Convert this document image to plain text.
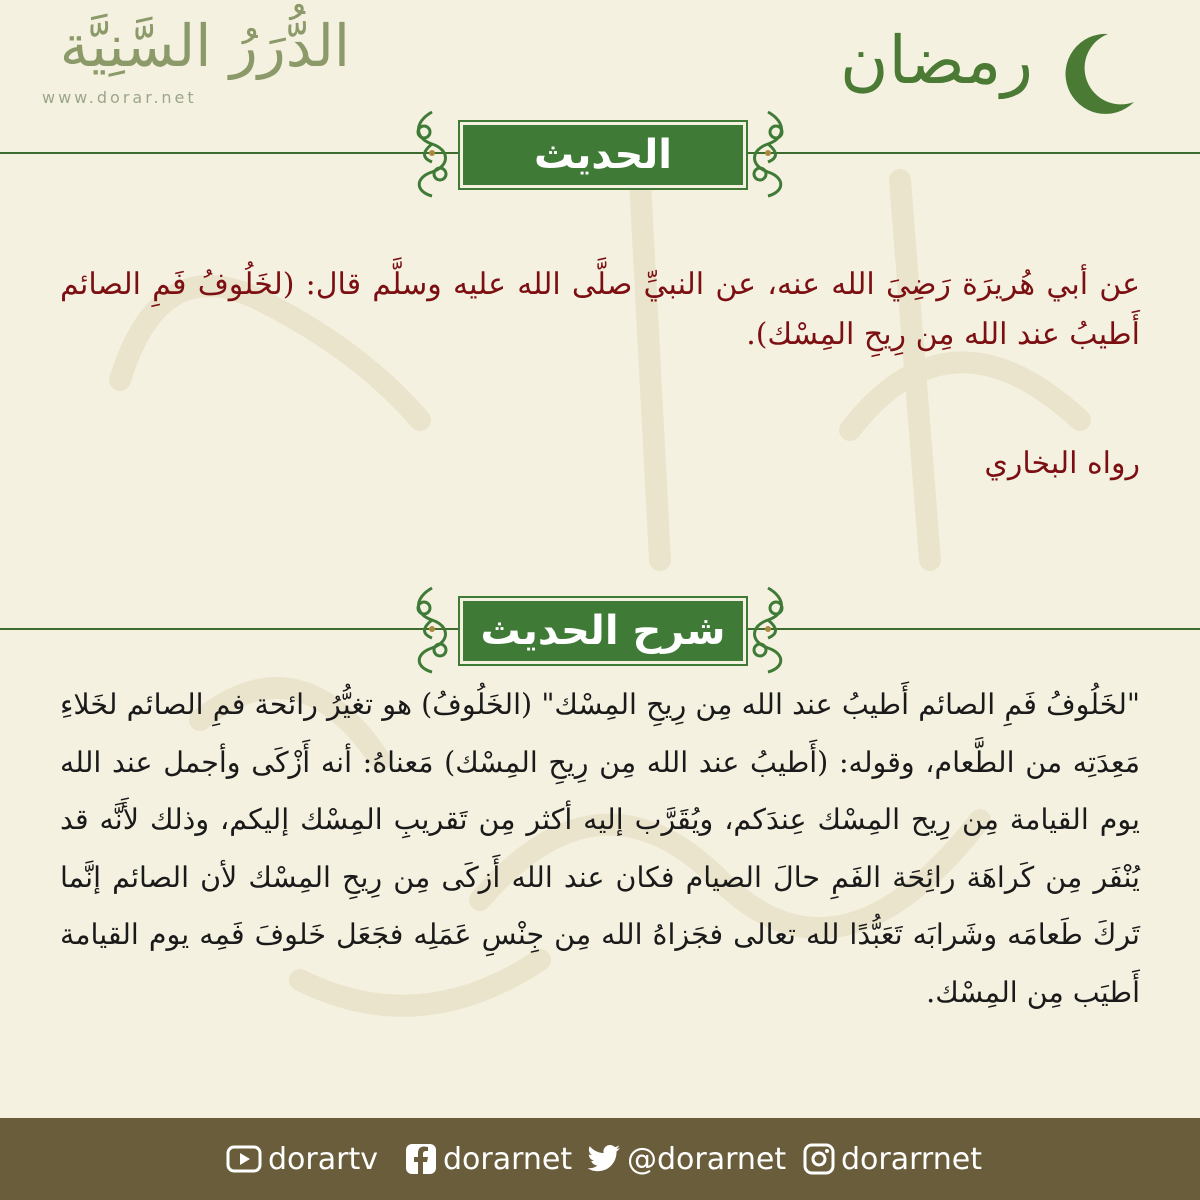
الدُّرَرُ السَّنِيَّة
www.dorar.net	رمضان
الحديث
عن أبي هُريرَة رَضِيَ الله عنه، عن النبيِّ صلَّى الله عليه وسلَّم قال: (لخَلُوفُ فَمِ الصائم أَطيبُ عند الله مِن رِيحِ المِسْك).
رواه البخاري
شرح الحديث
"لخَلُوفُ فَمِ الصائم أَطيبُ عند الله مِن رِيحِ المِسْك" (الخَلُوفُ) هو تغيُّرُ رائحة فمِ الصائم لخَلاءِ مَعِدَتِه من الطَّعام، وقوله: (أَطيبُ عند الله مِن رِيحِ المِسْك) مَعناهُ: أنه أَزْكَى وأجمل عند الله يوم القيامة مِن رِيح المِسْك عِندَكم، ويُقَرَّب إليه أكثر مِن تَقريبِ المِسْك إليكم، وذلك لأَنَّه قد يُنْفَر مِن كَراهَة رائِحَة الفَمِ حالَ الصيام فكان عند الله أَزكَى مِن رِيحِ المِسْك لأن الصائم إنَّما تَركَ طَعامَه وشَرابَه تَعَبُّدًا لله تعالى فجَزاهُ الله مِن جِنْسِ عَمَلِه فجَعَل خَلوفَ فَمِه يوم القيامة أَطيَب مِن المِسْك.
dorartv dorarnet @dorarnet dorarrnet
